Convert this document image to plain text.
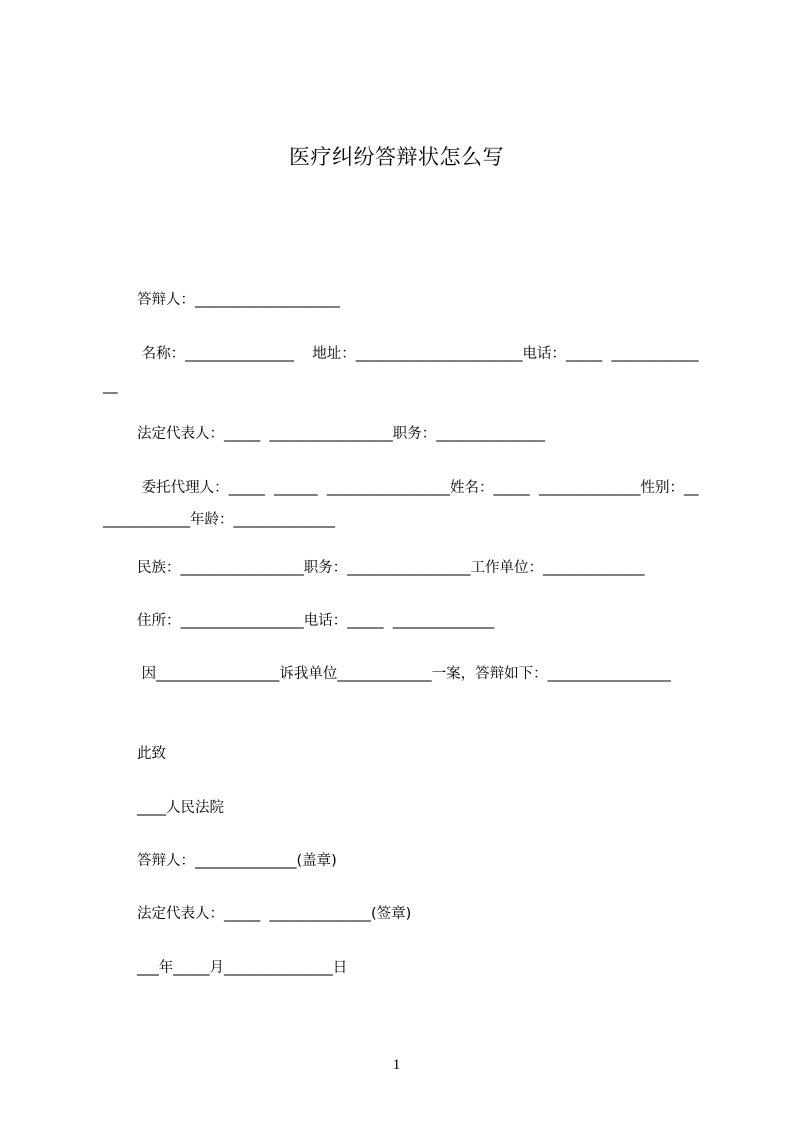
医疗纠纷答辩状怎么写
答辩人：____________________
名称：_______________    地址：_______________________电话：_____  ______________
法定代表人：_____  _________________职务：_______________
委托代理人：_____  ______  _________________姓名：_____  ______________性别：______________年龄：______________
民族：_________________职务：_________________工作单位：______________
住所：_________________电话：_____  ______________
因_________________诉我单位_____________一案，答辩如下：_________________
此致
____人民法院
答辩人：______________(盖章)
法定代表人：_____  ______________(签章)
___年_____月_______________日
1
